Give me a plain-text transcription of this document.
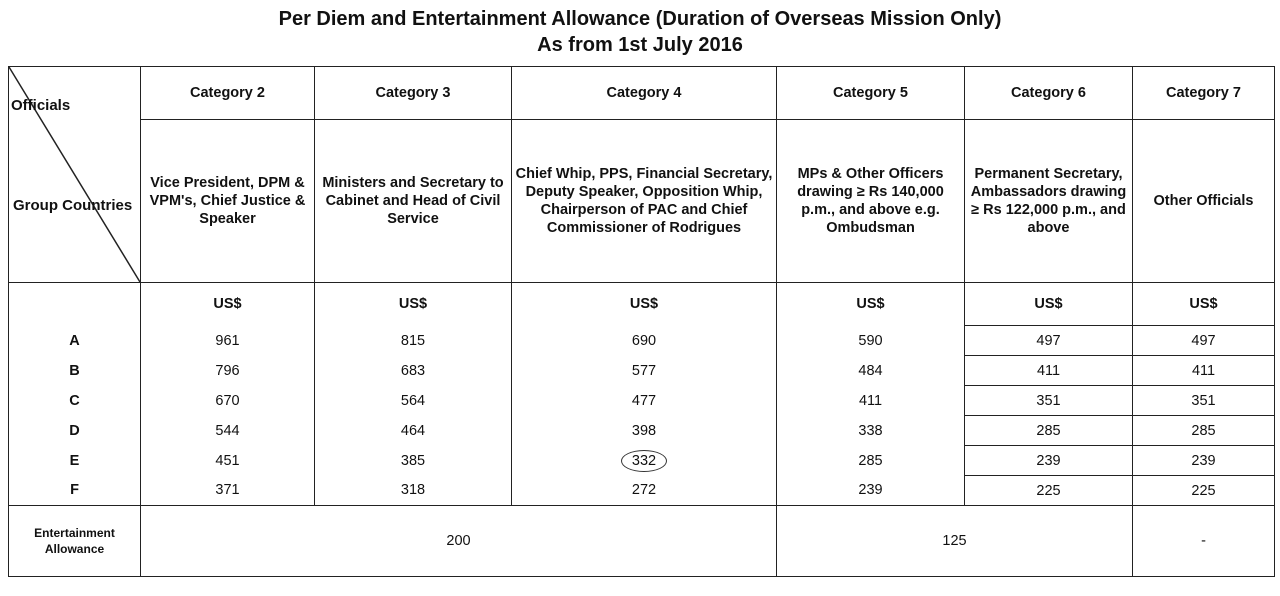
Per Diem and Entertainment Allowance (Duration of Overseas Mission Only)
As from 1st July 2016
Officials
Group Countries	Category 2	Category 3	Category 4	Category 5	Category 6	Category 7
	Vice President, DPM & VPM's, Chief Justice & Speaker	Ministers and Secretary to Cabinet and Head of Civil Service	Chief Whip, PPS, Financial Secretary, Deputy Speaker, Opposition Whip, Chairperson of PAC and Chief Commissioner of Rodrigues	MPs & Other Officers drawing ≥ Rs 140,000 p.m., and above e.g. Ombudsman	Permanent Secretary, Ambassadors drawing ≥ Rs 122,000 p.m., and above	Other Officials
	US$	US$	US$	US$	US$	US$
A	961	815	690	590	497	497
B	796	683	577	484	411	411
C	670	564	477	411	351	351
D	544	464	398	338	285	285
E	451	385	332	285	239	239
F	371	318	272	239	225	225
Entertainment
Allowance	200			125		-
